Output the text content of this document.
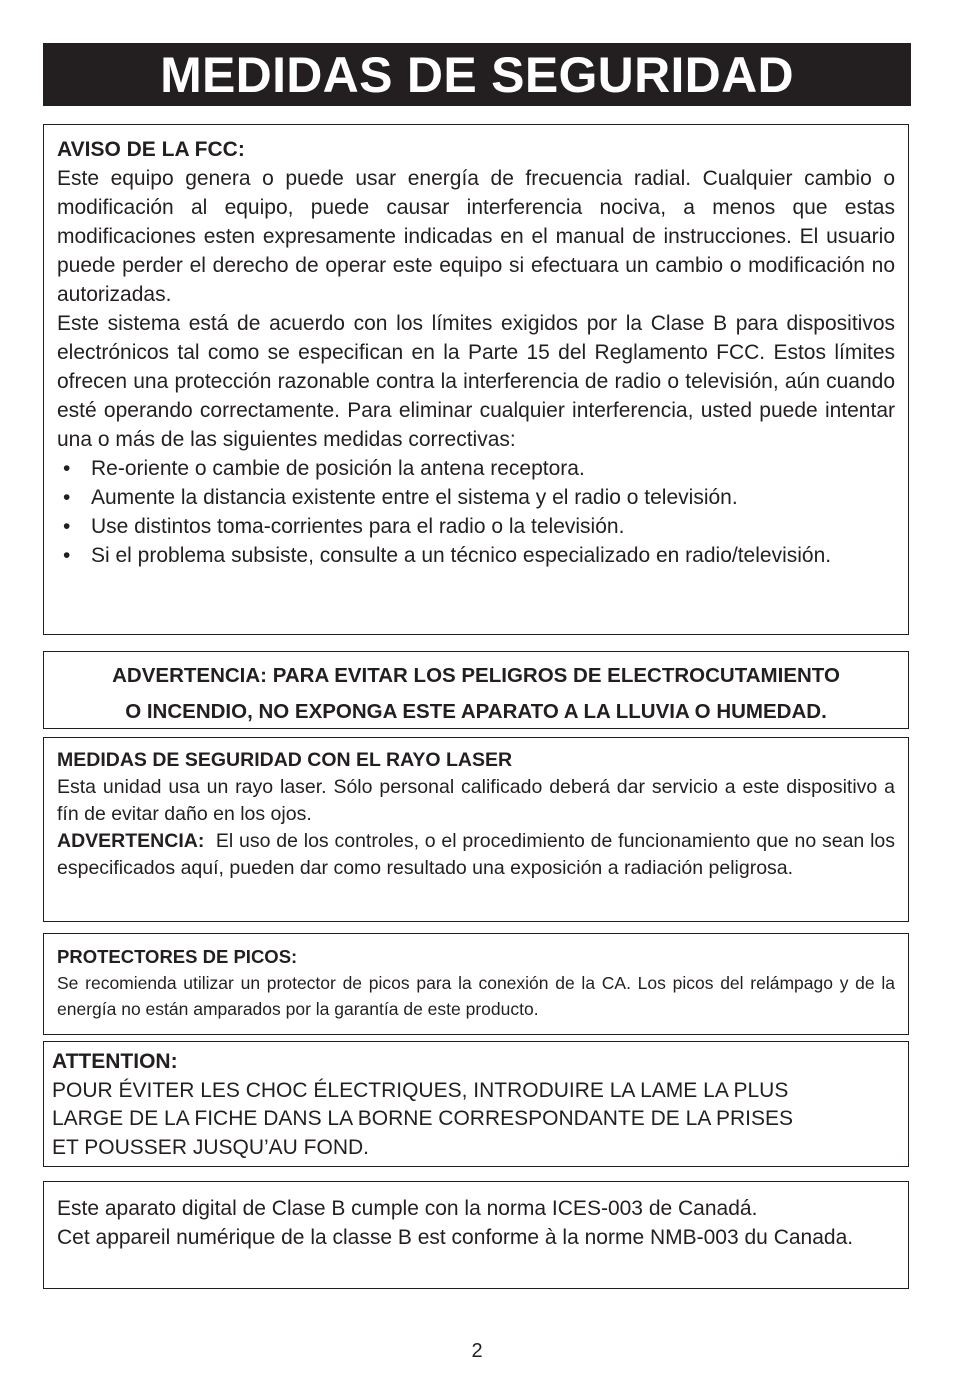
MEDIDAS DE SEGURIDAD

AVISO DE LA FCC:

Este equipo genera o puede usar energía de frecuencia radial. Cualquier cambio o modificación al equipo, puede causar interferencia nociva, a menos que estas modificaciones esten expresamente indicadas en el manual de instrucciones. El usuario puede perder el derecho de operar este equipo si efectuara un cambio o modificación no autorizadas.

Este sistema está de acuerdo con los límites exigidos por la Clase B para dispositivos electrónicos tal como se especifican en la Parte 15 del Reglamento FCC. Estos límites ofrecen una protección razonable contra la interferencia de radio o televisión, aún cuando esté operando correctamente. Para eliminar cualquier interferencia, usted puede intentar una o más de las siguientes medidas correctivas:

• Re-oriente o cambie de posición la antena receptora.
• Aumente la distancia existente entre el sistema y el radio o televisión.
• Use distintos toma-corrientes para el radio o la televisión.
• Si el problema subsiste, consulte a un técnico especializado en radio/televisión.

ADVERTENCIA: PARA EVITAR LOS PELIGROS DE ELECTROCUTAMIENTO

O INCENDIO, NO EXPONGA ESTE APARATO A LA LLUVIA O HUMEDAD.

MEDIDAS DE SEGURIDAD CON EL RAYO LASER

Esta unidad usa un rayo laser. Sólo personal calificado deberá dar servicio a este dispositivo a fín de evitar daño en los ojos.

ADVERTENCIA:  El uso de los controles, o el procedimiento de funcionamiento que no sean los especificados aquí, pueden dar como resultado una exposición a radiación peligrosa.

PROTECTORES DE PICOS:

Se recomienda utilizar un protector de picos para la conexión de la CA. Los picos del relámpago y de la energía no están amparados por la garantía de este producto.

ATTENTION:

POUR ÉVITER LES CHOC ÉLECTRIQUES, INTRODUIRE LA LAME LA PLUS

LARGE DE LA FICHE DANS LA BORNE CORRESPONDANTE DE LA PRISES

ET POUSSER JUSQU’AU FOND.

Este aparato digital de Clase B cumple con la norma ICES-003 de Canadá.

Cet appareil numérique de la classe B est conforme à la norme NMB-003 du Canada.

2
